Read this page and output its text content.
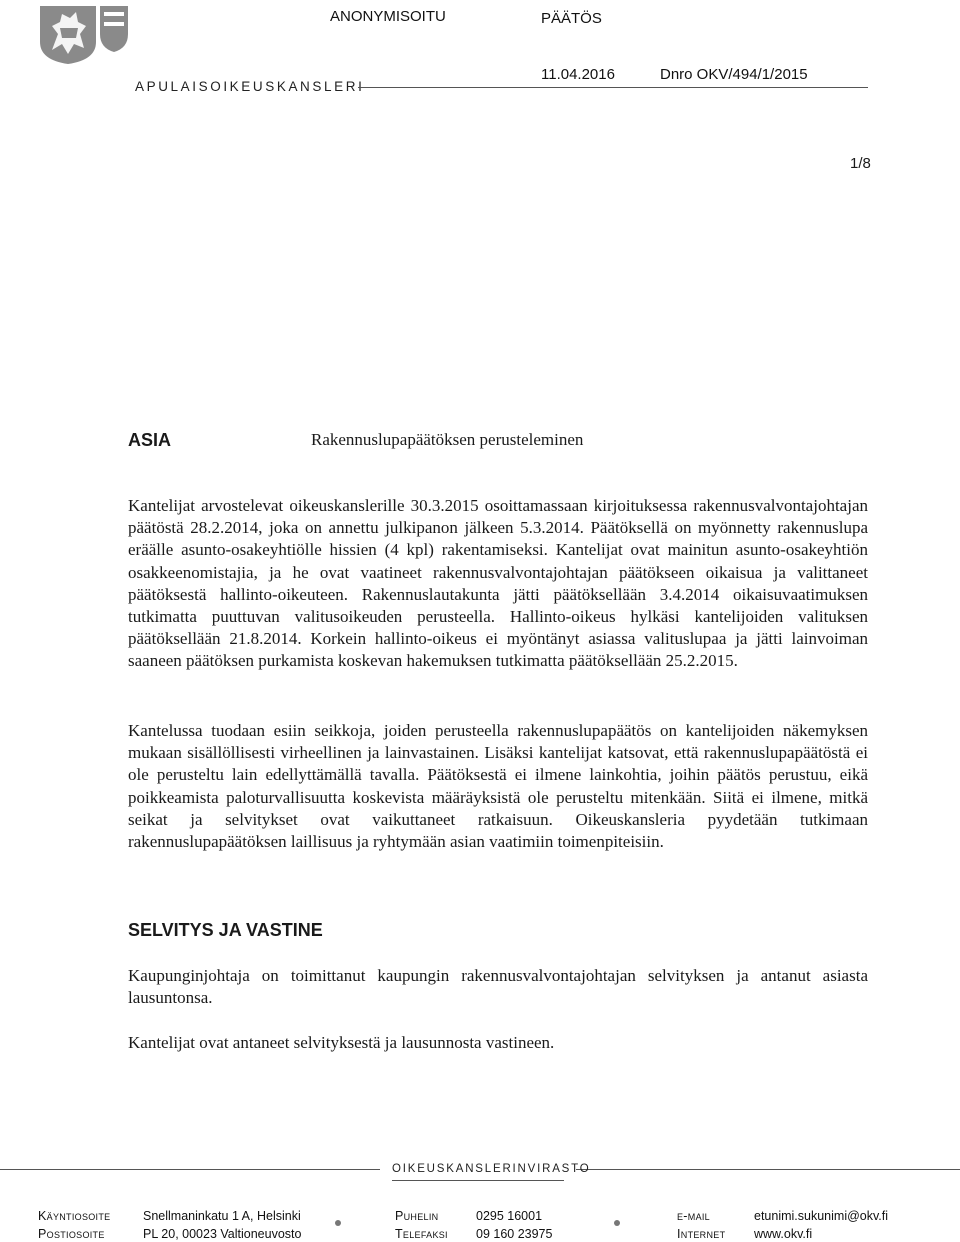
APULAISOIKEUSKANSLERI
ANONYMISOITU	PÄÄTÖS
11.04.2016	Dnro OKV/494/1/2015
1/8
ASIA	Rakennuslupapäätöksen perusteleminen
Kantelijat arvostelevat oikeuskanslerille 30.3.2015 osoittamassaan kirjoituksessa rakennusvalvontajohtajan päätöstä 28.2.2014, joka on annettu julkipanon jälkeen 5.3.2014. Päätöksellä on myönnetty rakennuslupa eräälle asunto-osakeyhtiölle hissien (4 kpl) rakentamiseksi. Kantelijat ovat mainitun asunto-osakeyhtiön osakkeenomistajia, ja he ovat vaatineet rakennusvalvontajohtajan päätökseen oikaisua ja valittaneet päätöksestä hallinto-oikeuteen. Rakennuslautakunta jätti päätöksellään 3.4.2014 oikaisuvaatimuksen tutkimatta puuttuvan valitusoikeuden perusteella. Hallinto-oikeus hylkäsi kantelijoiden valituksen päätöksellään 21.8.2014. Korkein hallinto-oikeus ei myöntänyt asiassa valituslupaa ja jätti lainvoiman saaneen päätöksen purkamista koskevan hakemuksen tutkimatta päätöksellään 25.2.2015.
Kantelussa tuodaan esiin seikkoja, joiden perusteella rakennuslupapäätös on kantelijoiden näkemyksen mukaan sisällöllisesti virheellinen ja lainvastainen. Lisäksi kantelijat katsovat, että rakennuslupapäätöstä ei ole perusteltu lain edellyttämällä tavalla. Päätöksestä ei ilmene lainkohtia, joihin päätös perustuu, eikä poikkeamista paloturvallisuutta koskevista määräyksistä ole perusteltu mitenkään. Siitä ei ilmene, mitkä seikat ja selvitykset ovat vaikuttaneet ratkaisuun. Oikeuskansleria pyydetään tutkimaan rakennuslupapäätöksen laillisuus ja ryhtymään asian vaatimiin toimenpiteisiin.
SELVITYS JA VASTINE
Kaupunginjohtaja on toimittanut kaupungin rakennusvalvontajohtajan selvityksen ja antanut asiasta lausuntonsa.
Kantelijat ovat antaneet selvityksestä ja lausunnosta vastineen.
OIKEUSKANSLERINVIRASTO
Käyntiosoite	Snellmaninkatu 1 A, Helsinki
Postiosoite	PL 20, 00023 Valtioneuvosto
Puhelin	0295 16001
Telefaksi 09 160 23975
e-mail	etunimi.sukunimi@okv.fi
Internet www.okv.fi
